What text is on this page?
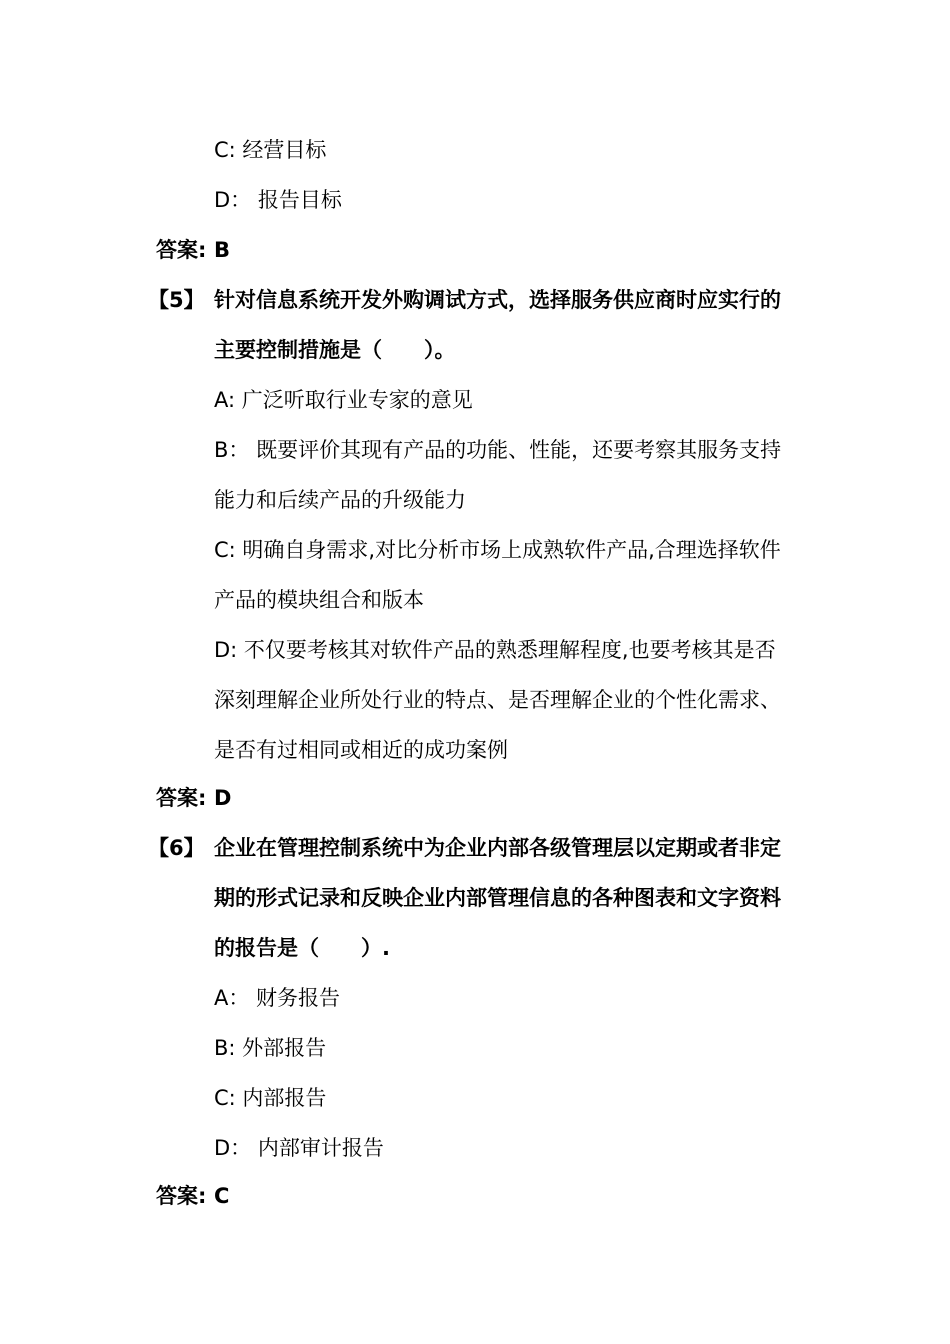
C: 经营目标
D： 报告目标
答案: B
【5】 针对信息系统开发外购调试方式，选择服务供应商时应实行的
主要控制措施是（　　）。
A: 广泛听取行业专家的意见
B： 既要评价其现有产品的功能、性能，还要考察其服务支持
能力和后续产品的升级能力
C: 明确自身需求,对比分析市场上成熟软件产品,合理选择软件
产品的模块组合和版本
D: 不仅要考核其对软件产品的熟悉理解程度,也要考核其是否
深刻理解企业所处行业的特点、是否理解企业的个性化需求、
是否有过相同或相近的成功案例
答案: D
【6】 企业在管理控制系统中为企业内部各级管理层以定期或者非定
期的形式记录和反映企业内部管理信息的各种图表和文字资料
的报告是（　　）.
A： 财务报告
B: 外部报告
C: 内部报告
D： 内部审计报告
答案: C
